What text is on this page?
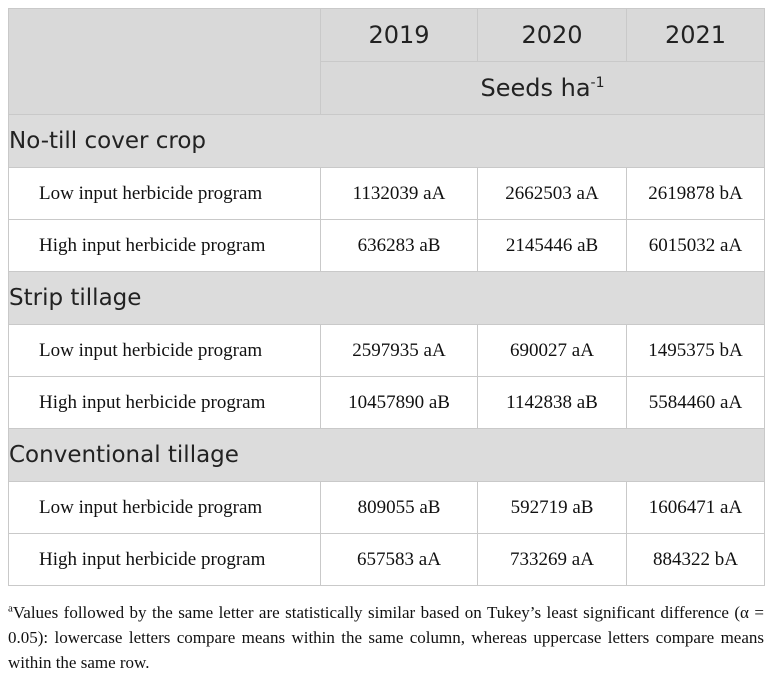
	2019	2020	2021
	Seeds $ha^{-1}$
No-till cover crop			
Low input herbicide program	1132039 aA	2662503 aA	2619878 bA
High input herbicide program	636283 aB	2145446 aB	6015032 aA
Strip tillage			
Low input herbicide program	2597935 aA	690027 aA	1495375 bA
High input herbicide program	10457890 aB	1142838 aB	5584460 aA
Conventional tillage			
Low input herbicide program	809055 aB	592719 aB	1606471 aA
High input herbicide program	657583 aA	733269 aA	884322 bA
$^a$Values followed by the same letter are statistically similar based on Tukey’s least significant difference (α = 0.05): lowercase letters compare means within the same column, whereas uppercase letters compare means within the same row.
